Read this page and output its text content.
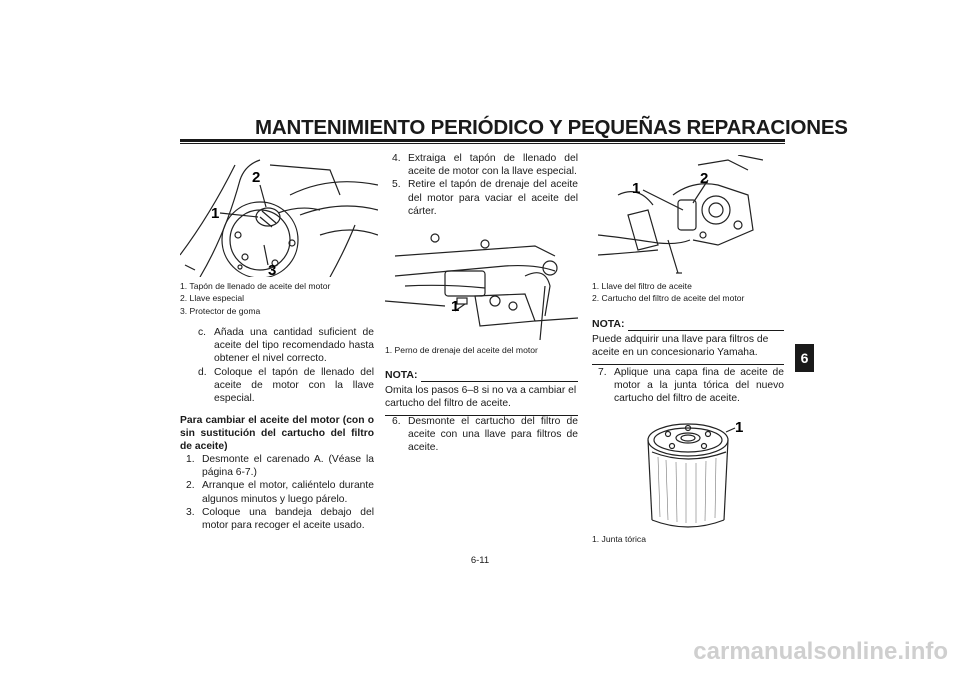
MANTENIMIENTO PERIÓDICO Y PEQUEÑAS REPARACIONES
1
2
3
1. Tapón de llenado de aceite del motor
2. Llave especial
3. Protector de goma
c. Añada una cantidad suficient de aceite del tipo recomendado hasta obtener el nivel correcto.
d. Coloque el tapón de llenado del aceite de motor con la llave especial.
Para cambiar el aceite del motor (con o sin sustitución del cartucho del filtro de aceite)
1. Desmonte el carenado A. (Véase la página 6-7.)
2. Arranque el motor, caliéntelo durante algunos minutos y luego párelo.
3. Coloque una bandeja debajo del motor para recoger el aceite usado.
4. Extraiga el tapón de llenado del aceite de motor con la llave especial.
5. Retire el tapón de drenaje del aceite del motor para vaciar el aceite del cárter.
1
1. Perno de drenaje del aceite del motor
NOTA:
Omita los pasos 6–8 si no va a cambiar el cartucho del filtro de aceite.
6. Desmonte el cartucho del filtro de aceite con una llave para filtros de aceite.
1
2
1. Llave del filtro de aceite
2. Cartucho del filtro de aceite del motor
NOTA:
Puede adquirir una llave para filtros de aceite en un concesionario Yamaha.
7. Aplique una capa fina de aceite de motor a la junta tórica del nuevo cartucho del filtro de aceite.
1
1. Junta tórica
6
6-11
carmanualsonline.info
